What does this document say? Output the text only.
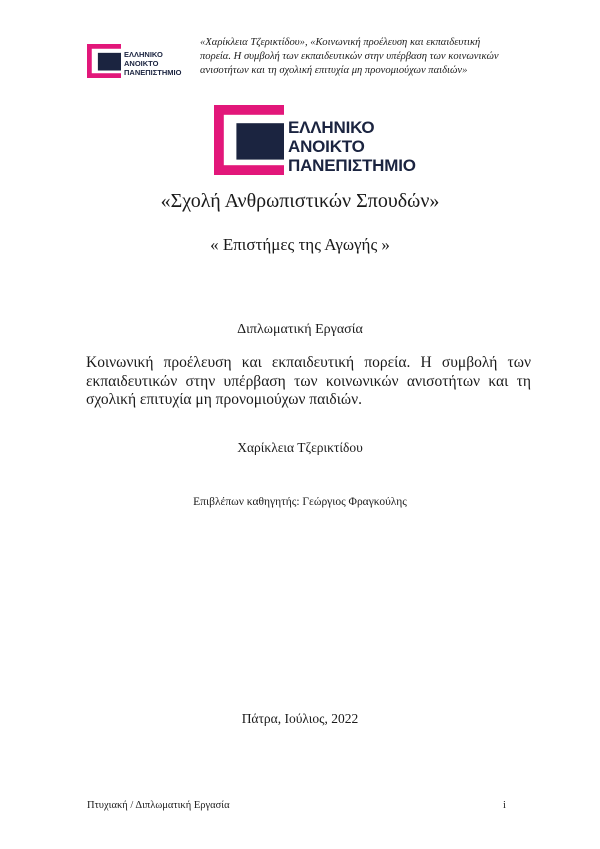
ΕΛΛΗΝΙΚΟ
ΑΝΟΙΚΤΟ
ΠΑΝΕΠΙΣΤΗΜΙΟ
«Χαρίκλεια Τζερικτίδου», «Κοινωνική προέλευση και εκπαιδευτική πορεία. Η συμβολή των εκπαιδευτικών στην υπέρβαση των κοινωνικών ανισοτήτων και τη σχολική επιτυχία μη προνομιούχων παιδιών»
ΕΛΛΗΝΙΚΟ
ΑΝΟΙΚΤΟ
ΠΑΝΕΠΙΣΤΗΜΙΟ
«Σχολή Ανθρωπιστικών Σπουδών»
« Επιστήμες της Αγωγής »
Διπλωματική Εργασία
Κοινωνική προέλευση και εκπαιδευτική πορεία. Η συμβολή των εκπαιδευτικών στην υπέρβαση των κοινωνικών ανισοτήτων και τη σχολική επιτυχία μη προνομιούχων παιδιών.
Χαρίκλεια Τζερικτίδου
Επιβλέπων καθηγητής: Γεώργιος Φραγκούλης
Πάτρα, Ιούλιος, 2022
Πτυχιακή / Διπλωματική Εργασία	i
